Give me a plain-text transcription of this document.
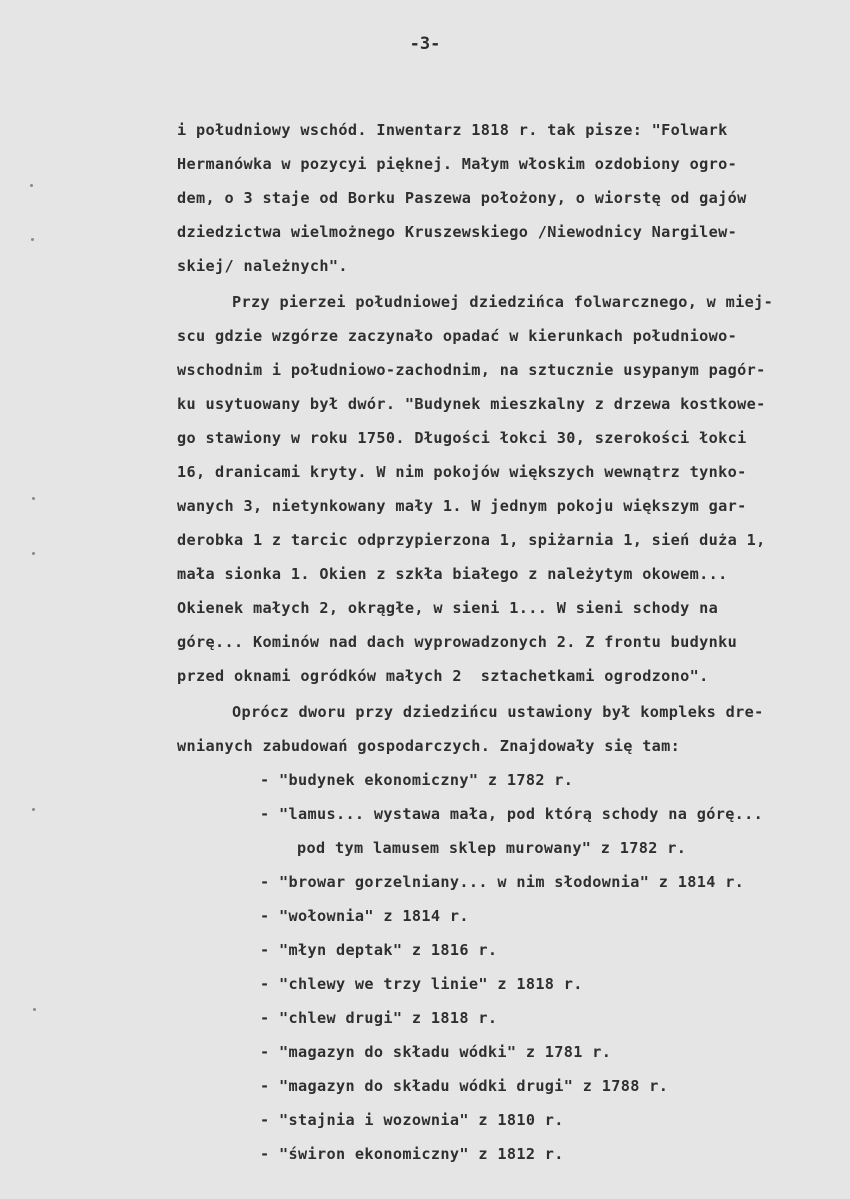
-3-
i południowy wschód. Inwentarz 1818 r. tak pisze: "Folwark
Hermanówka w pozycyi pięknej. Małym włoskim ozdobiony ogro-
dem, o 3 staje od Borku Paszewa położony, o wiorstę od gajów
dziedzictwa wielmożnego Kruszewskiego /Niewodnicy Nargilew-
skiej/ należnych".
Przy pierzei południowej dziedzińca folwarcznego, w miej-
scu gdzie wzgórze zaczynało opadać w kierunkach południowo-
wschodnim i południowo-zachodnim, na sztucznie usypanym pagór-
ku usytuowany był dwór. "Budynek mieszkalny z drzewa kostkowe-
go stawiony w roku 1750. Długości łokci 30, szerokości łokci
16, dranicami kryty. W nim pokojów większych wewnątrz tynko-
wanych 3, nietynkowany mały 1. W jednym pokoju większym gar-
derobka 1 z tarcic odprzypierzona 1, spiżarnia 1, sień duża 1,
mała sionka 1. Okien z szkła białego z należytym okowem...
Okienek małych 2, okrągłe, w sieni 1... W sieni schody na
górę... Kominów nad dach wyprowadzonych 2. Z frontu budynku
przed oknami ogródków małych 2  sztachetkami ogrodzono".
Oprócz dworu przy dziedzińcu ustawiony był kompleks dre-
wnianych zabudowań gospodarczych. Znajdowały się tam:
- "budynek ekonomiczny" z 1782 r.
- "lamus... wystawa mała, pod którą schody na górę...
pod tym lamusem sklep murowany" z 1782 r.
- "browar gorzelniany... w nim słodownia" z 1814 r.
- "wołownia" z 1814 r.
- "młyn deptak" z 1816 r.
- "chlewy we trzy linie" z 1818 r.
- "chlew drugi" z 1818 r.
- "magazyn do składu wódki" z 1781 r.
- "magazyn do składu wódki drugi" z 1788 r.
- "stajnia i wozownia" z 1810 r.
- "świron ekonomiczny" z 1812 r.
